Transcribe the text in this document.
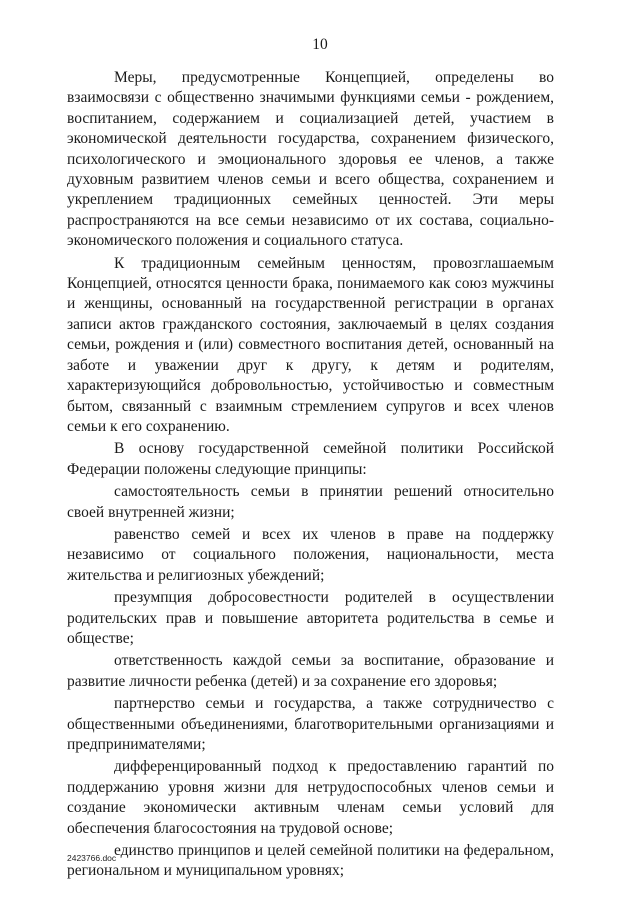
10

Меры, предусмотренные Концепцией, определены во взаимосвязи с общественно значимыми функциями семьи - рождением, воспитанием, содержанием и социализацией детей, участием в экономической деятельности государства, сохранением физического, психологического и эмоционального здоровья ее членов, а также духовным развитием членов семьи и всего общества, сохранением и укреплением традиционных семейных ценностей. Эти меры распространяются на все семьи независимо от их состава, социально-экономического положения и социального статуса.

К традиционным семейным ценностям, провозглашаемым Концепцией, относятся ценности брака, понимаемого как союз мужчины и женщины, основанный на государственной регистрации в органах записи актов гражданского состояния, заключаемый в целях создания семьи, рождения и (или) совместного воспитания детей, основанный на заботе и уважении друг к другу, к детям и родителям, характеризующийся добровольностью, устойчивостью и совместным бытом, связанный с взаимным стремлением супругов и всех членов семьи к его сохранению.

В основу государственной семейной политики Российской Федерации положены следующие принципы:

самостоятельность семьи в принятии решений относительно своей внутренней жизни;

равенство семей и всех их членов в праве на поддержку независимо от социального положения, национальности, места жительства и религиозных убеждений;

презумпция добросовестности родителей в осуществлении родительских прав и повышение авторитета родительства в семье и обществе;

ответственность каждой семьи за воспитание, образование и развитие личности ребенка (детей) и за сохранение его здоровья;

партнерство семьи и государства, а также сотрудничество с общественными объединениями, благотворительными организациями и предпринимателями;

дифференцированный подход к предоставлению гарантий по поддержанию уровня жизни для нетрудоспособных членов семьи и создание экономически активным членам семьи условий для обеспечения благосостояния на трудовой основе;

единство принципов и целей семейной политики на федеральном, региональном и муниципальном уровнях;

2423766.doc
